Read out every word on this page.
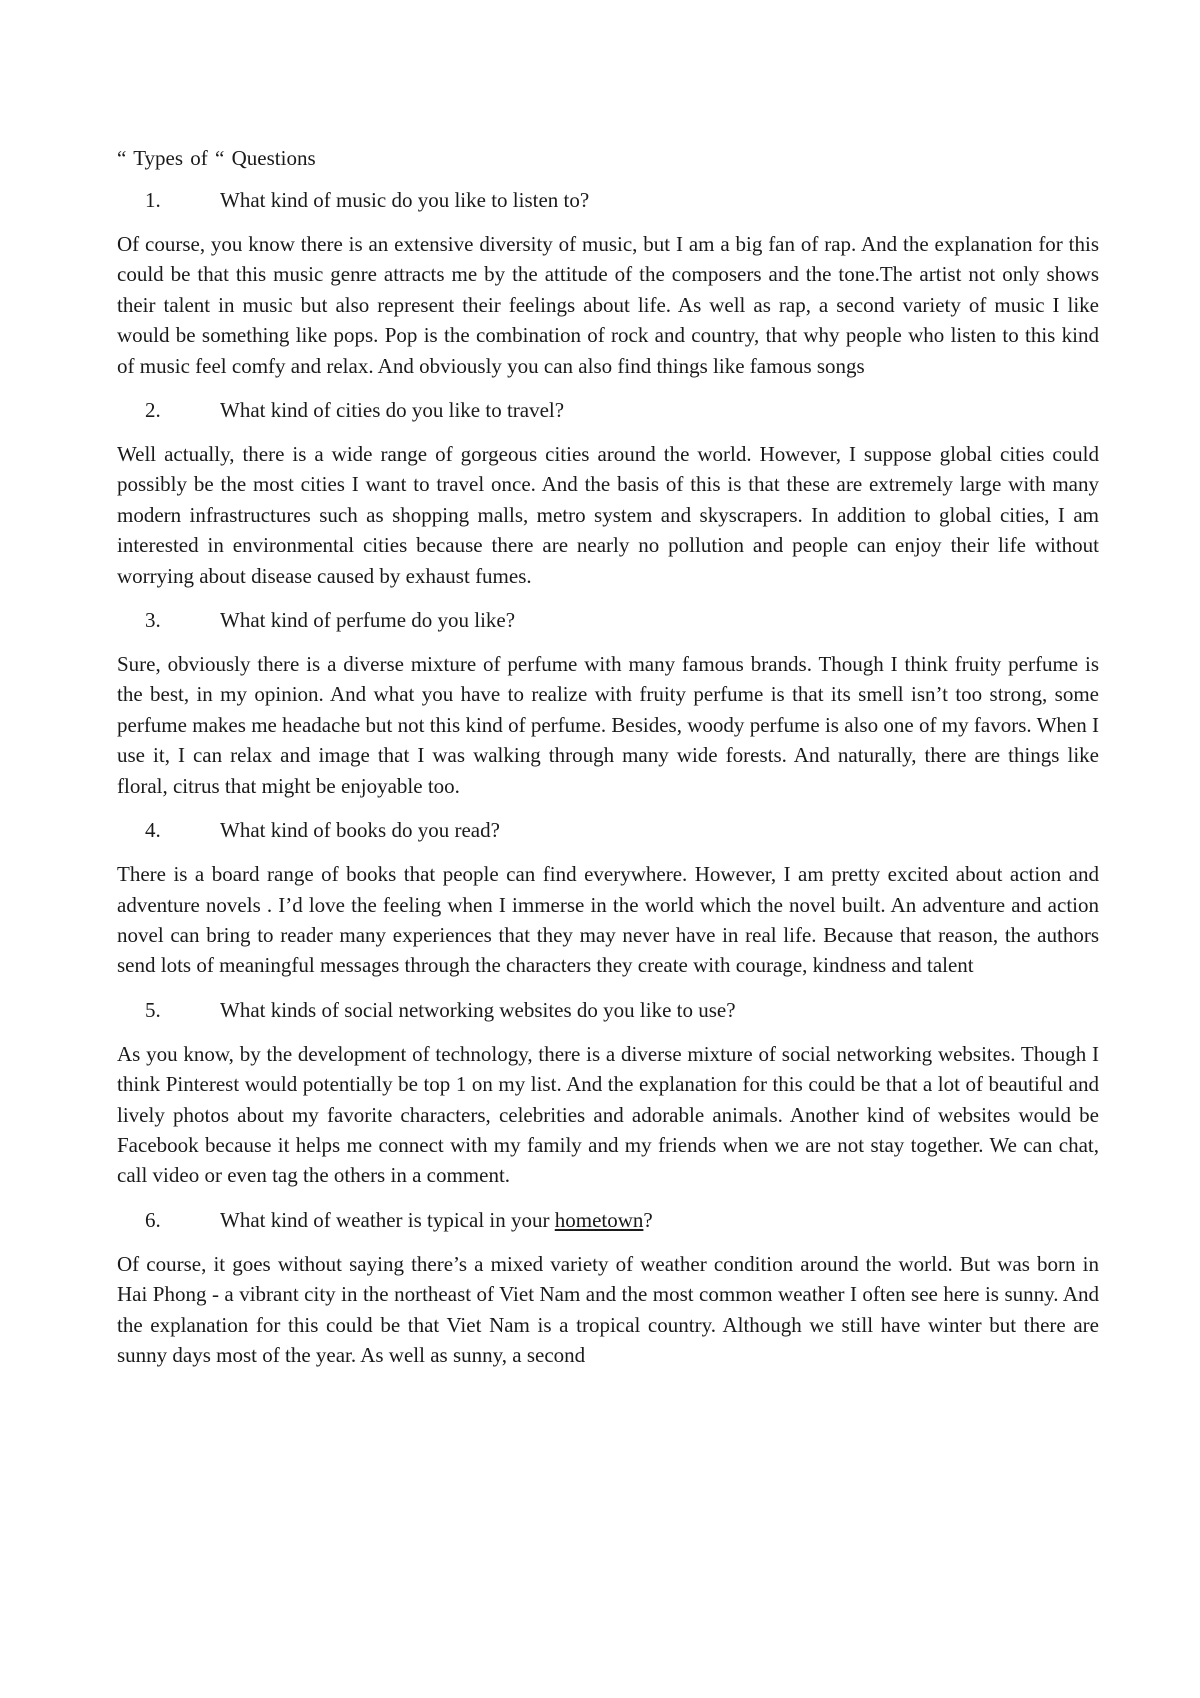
“ Types of “ Questions

1.	What kind of music do you like to listen to?

Of course, you know there is an extensive diversity of music, but I am a big fan of rap. And the explanation for this could be that this music genre attracts me by the attitude of the composers and the tone.The artist not only shows their talent in music but also represent their feelings about life. As well as rap, a second variety of music I like would be something like pops. Pop is the combination of rock and country, that why people who listen to this kind of music feel comfy and relax. And obviously you can also find things like famous songs

2.	What kind of cities do you like to travel?

Well actually, there is a wide range of gorgeous cities around the world. However, I suppose global cities could possibly be the most cities I want to travel once. And the basis of this is that these are extremely large with many modern infrastructures such as shopping malls, metro system and skyscrapers. In addition to global cities, I am interested in environmental cities because there are nearly no pollution and people can enjoy their life without worrying about disease caused by exhaust fumes.

3.	What kind of perfume do you like?

Sure, obviously there is a diverse mixture of perfume with many famous brands. Though I think fruity perfume is the best, in my opinion. And what you have to realize with fruity perfume is that its smell isn’t too strong, some perfume makes me headache but not this kind of perfume. Besides, woody perfume is also one of my favors. When I use it, I can relax and image that I was walking through many wide forests. And naturally, there are things like floral, citrus that might be enjoyable too.

4.	What kind of books do you read?

There is a board range of books that people can find everywhere. However, I am pretty excited about action and adventure novels . I’d love the feeling when I immerse in the world which the novel built. An adventure and action novel can bring to reader many experiences that they may never have in real life. Because that reason, the authors send lots of meaningful messages through the characters they create with courage, kindness and talent

5.	What kinds of social networking websites do you like to use?

As you know, by the development of technology, there is a diverse mixture of social networking websites. Though I think Pinterest would potentially be top 1 on my list. And the explanation for this could be that a lot of beautiful and lively photos about my favorite characters, celebrities and adorable animals. Another kind of websites would be Facebook because it helps me connect with my family and my friends when we are not stay together. We can chat, call video or even tag the others in a comment.

6.	What kind of weather is typical in your hometown?

Of course, it goes without saying there’s a mixed variety of weather condition around the world. But was born in Hai Phong - a vibrant city in the northeast of Viet Nam and the most common weather I often see here is sunny. And the explanation for this could be that Viet Nam is a tropical country. Although we still have winter but there are sunny days most of the year. As well as sunny, a second
